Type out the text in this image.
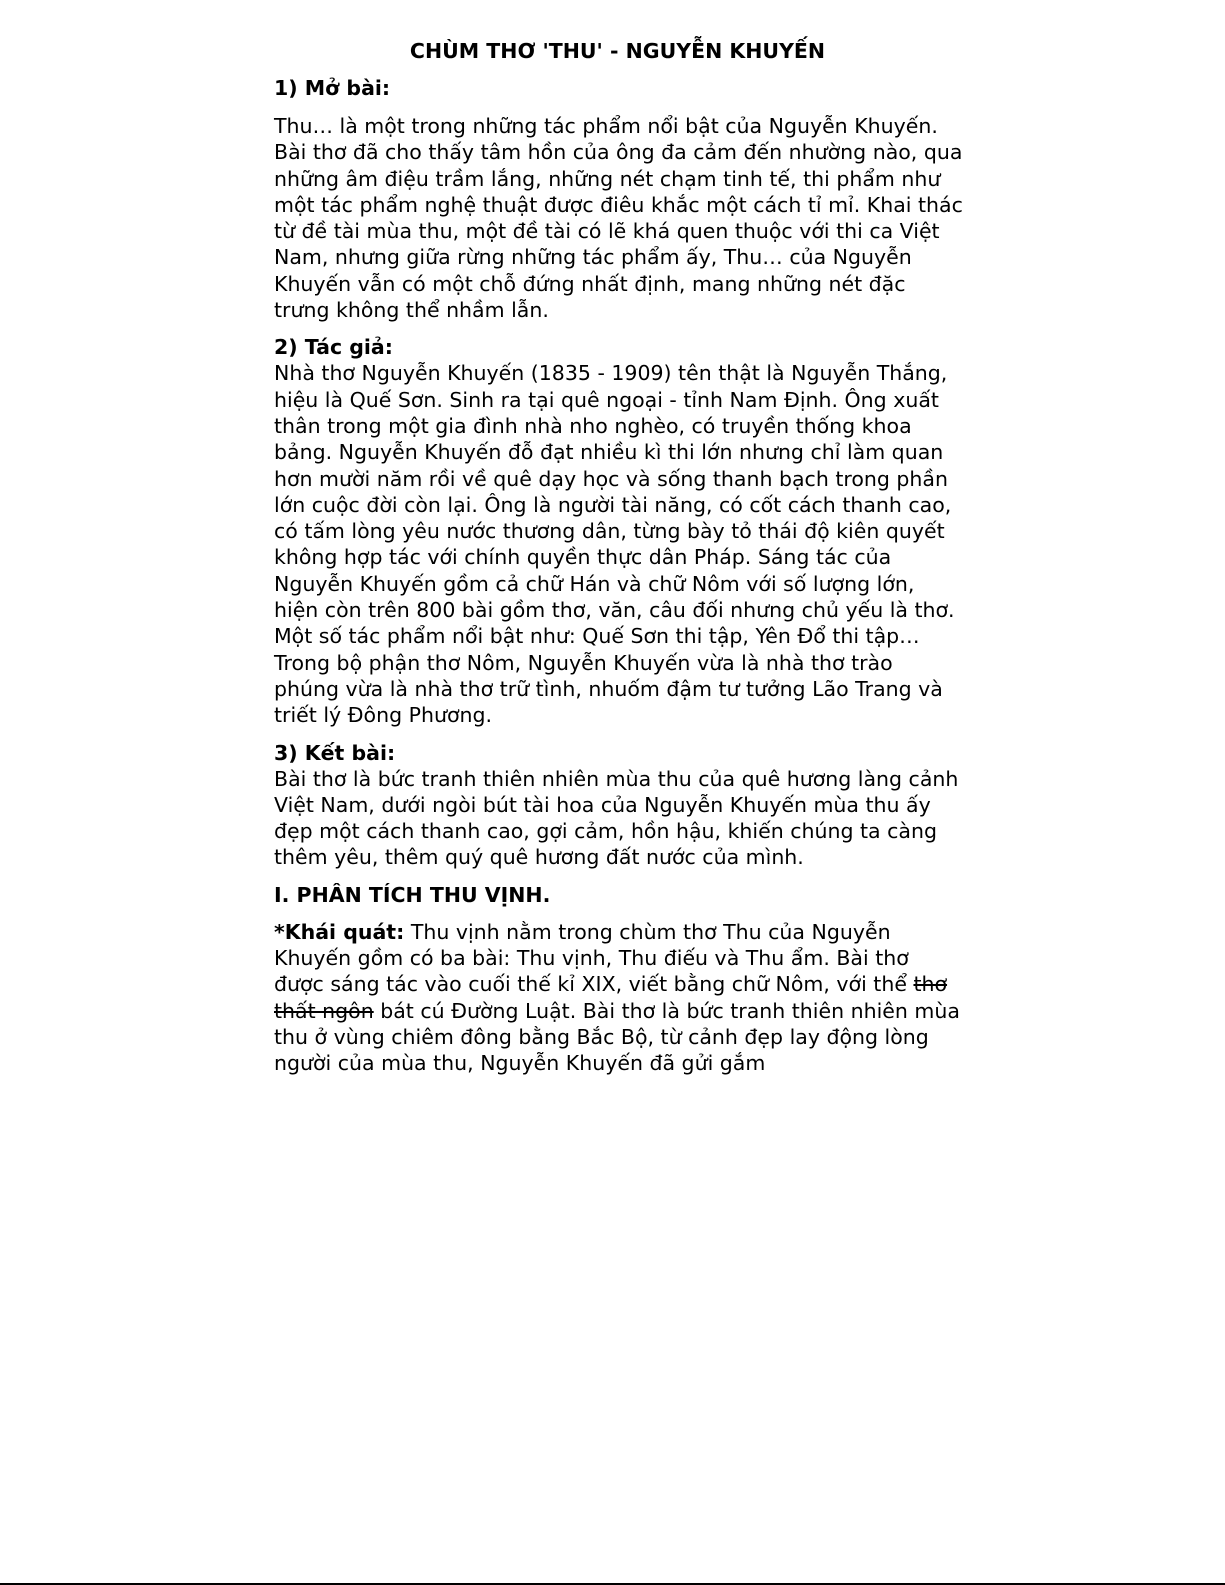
CHÙM THƠ 'THU' - NGUYỄN KHUYẾN
1) Mở bài:

Thu… là một trong những tác phẩm nổi bật của Nguyễn Khuyến. Bài thơ đã cho thấy tâm hồn của ông đa cảm đến nhường nào, qua những âm điệu trầm lắng, những nét chạm tinh tế, thi phẩm như một tác phẩm nghệ thuật được điêu khắc một cách tỉ mỉ. Khai thác từ đề tài mùa thu, một đề tài có lẽ khá quen thuộc với thi ca Việt Nam, nhưng giữa rừng những tác phẩm ấy, Thu… của Nguyễn Khuyến vẫn có một chỗ đứng nhất định, mang những nét đặc trưng không thể nhầm lẫn.

2) Tác giả:

Nhà thơ Nguyễn Khuyến (1835 - 1909) tên thật là Nguyễn Thắng, hiệu là Quế Sơn. Sinh ra tại quê ngoại - tỉnh Nam Định. Ông xuất thân trong một gia đình nhà nho nghèo, có truyền thống khoa bảng. Nguyễn Khuyến đỗ đạt nhiều kì thi lớn nhưng chỉ làm quan hơn mười năm rồi về quê dạy học và sống thanh bạch trong phần lớn cuộc đời còn lại. Ông là người tài năng, có cốt cách thanh cao, có tấm lòng yêu nước thương dân, từng bày tỏ thái độ kiên quyết không hợp tác với chính quyền thực dân Pháp. Sáng tác của Nguyễn Khuyến gồm cả chữ Hán và chữ Nôm với số lượng lớn, hiện còn trên 800 bài gồm thơ, văn, câu đối nhưng chủ yếu là thơ. Một số tác phẩm nổi bật như: Quế Sơn thi tập, Yên Đổ thi tập… Trong bộ phận thơ Nôm, Nguyễn Khuyến vừa là nhà thơ trào phúng vừa là nhà thơ trữ tình, nhuốm đậm tư tưởng Lão Trang và triết lý Đông Phương.

3) Kết bài:

Bài thơ là bức tranh thiên nhiên mùa thu của quê hương làng cảnh Việt Nam, dưới ngòi bút tài hoa của Nguyễn Khuyến mùa thu ấy đẹp một cách thanh cao, gợi cảm, hồn hậu, khiến chúng ta càng thêm yêu, thêm quý quê hương đất nước của mình.

I. PHÂN TÍCH THU VỊNH.

*Khái quát: Thu vịnh nằm trong chùm thơ Thu của Nguyễn Khuyến gồm có ba bài: Thu vịnh, Thu điếu và Thu ẩm. Bài thơ được sáng tác vào cuối thế kỉ XIX, viết bằng chữ Nôm, với thể thơ thất ngôn bát cú Đường Luật. Bài thơ là bức tranh thiên nhiên mùa thu ở vùng chiêm đông bằng Bắc Bộ, từ cảnh đẹp lay động lòng người của mùa thu, Nguyễn Khuyến đã gửi gắm
